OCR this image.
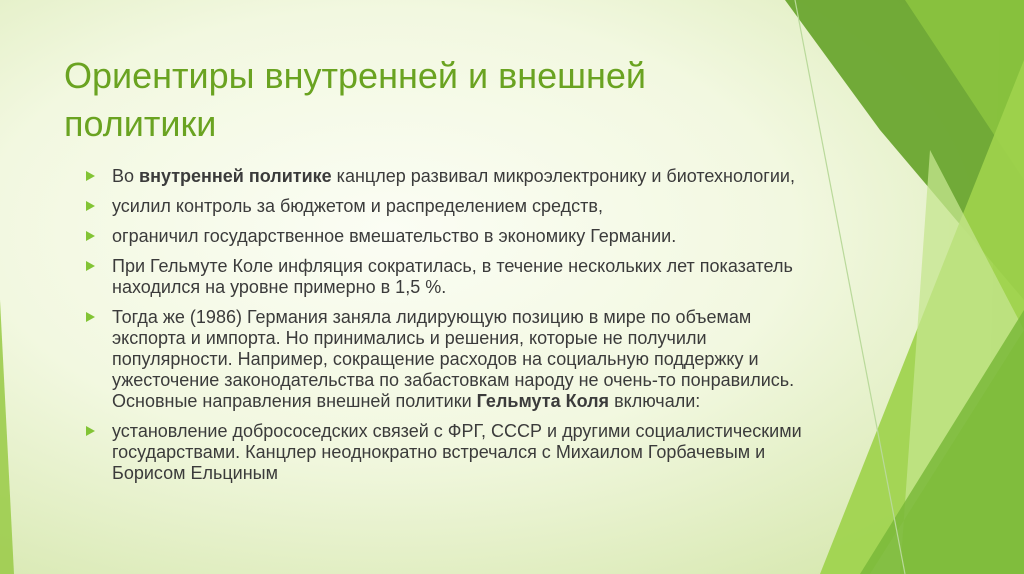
Ориентиры внутренней и внешней
политики
Во внутренней политике канцлер развивал микроэлектронику и биотехнологии,
усилил контроль за бюджетом и распределением средств,
ограничил государственное вмешательство в экономику Германии.
При Гельмуте Коле инфляция сократилась, в течение нескольких лет показатель находился на уровне примерно в 1,5 %.
Тогда же (1986) Германия заняла лидирующую позицию в мире по объемам экспорта и импорта. Но принимались и решения, которые не получили популярности. Например, сокращение расходов на социальную поддержку и ужесточение законодательства по забастовкам народу не очень-то понравились. Основные направления внешней политики Гельмута Коля включали:
установление добрососедских связей с ФРГ, СССР и другими социалистическими государствами. Канцлер неоднократно встречался с Михаилом Горбачевым и Борисом Ельциным
